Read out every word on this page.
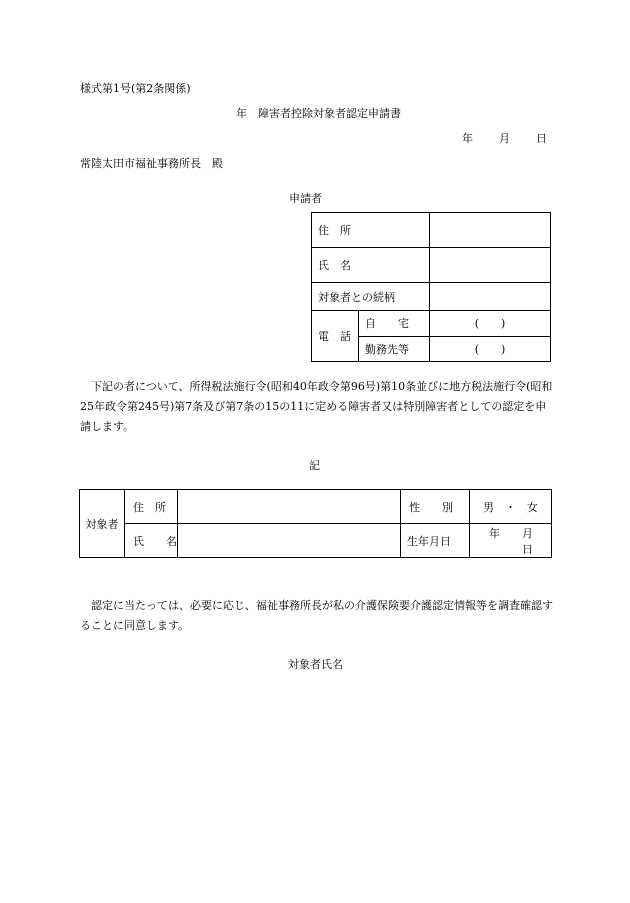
様式第1号(第2条関係)
年　障害者控除対象者認定申請書
年 月 日
常陸太田市福祉事務所長　殿
申請者
住　所		
氏　名		
対象者との続柄		
電　話	自　　宅	(　　)
	勤務先等	(　　)
　下記の者について、所得税法施行令(昭和40年政令第96号)第10条並びに地方税法施行令(昭和25年政令第245号)第7条及び第7条の15の11に定める障害者又は特別障害者としての認定を申請します。
記
対象者	住　所		性　　別	男　・　女
	氏　　名		生年月日	年　　月　　日
　認定に当たっては、必要に応じ、福祉事務所長が私の介護保険要介護認定情報等を調査確認することに同意します。
対象者氏名
